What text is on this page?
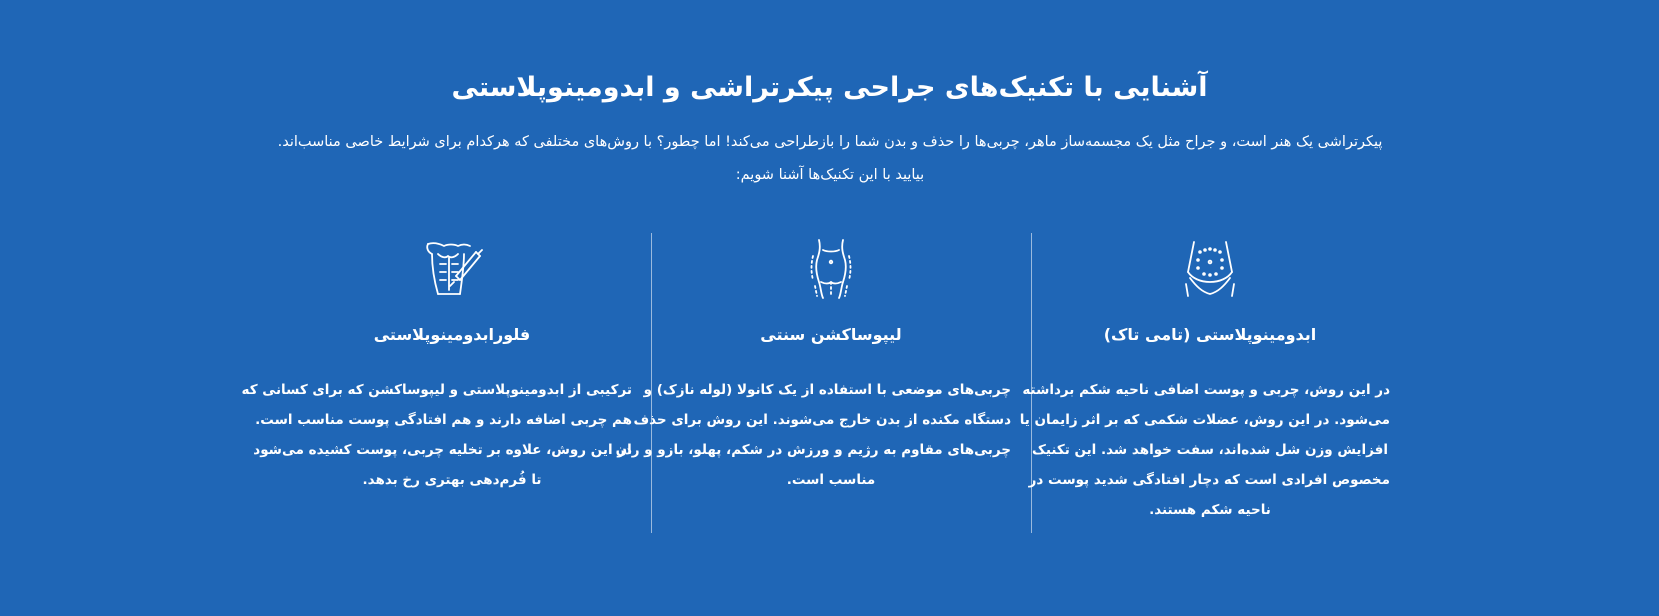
آشنایی با تکنیک‌های جراحی پیکرتراشی و ابدومینوپلاستی

پیکرتراشی یک هنر است، و جراح مثل یک مجسمه‌ساز ماهر، چربی‌ها را حذف و بدن شما را بازطراحی می‌کند! اما چطور؟ با روش‌های مختلفی که هرکدام برای شرایط خاصی مناسب‌اند.
بیایید با این تکنیک‌ها آشنا شویم:

ابدومینوپلاستی (تامی تاک)

در این روش، چربی و پوست اضافی ناحیه شکم برداشته
می‌شود. در این روش، عضلات شکمی که بر اثر زایمان یا
افزایش وزن شل شده‌اند، سفت خواهد شد. این تکنیک
مخصوص افرادی است که دچار افتادگی شدید پوست در
ناحیه شکم هستند.

لیپوساکشن سنتی

چربی‌های موضعی با استفاده از یک کانولا (لوله نازک) و
دستگاه مکنده از بدن خارج می‌شوند. این روش برای حذف
چربی‌های مقاوم به رژیم و ورزش در شکم، پهلو، بازو و ران
مناسب است.

فلورابدومینوپلاستی

ترکیبی از ابدومینوپلاستی و لیپوساکشن که برای کسانی که
هم چربی اضافه دارند و هم افتادگی پوست مناسب است.
در این روش، علاوه بر تخلیه چربی، پوست کشیده می‌شود
تا فُرم‌دهی بهتری رخ بدهد.
